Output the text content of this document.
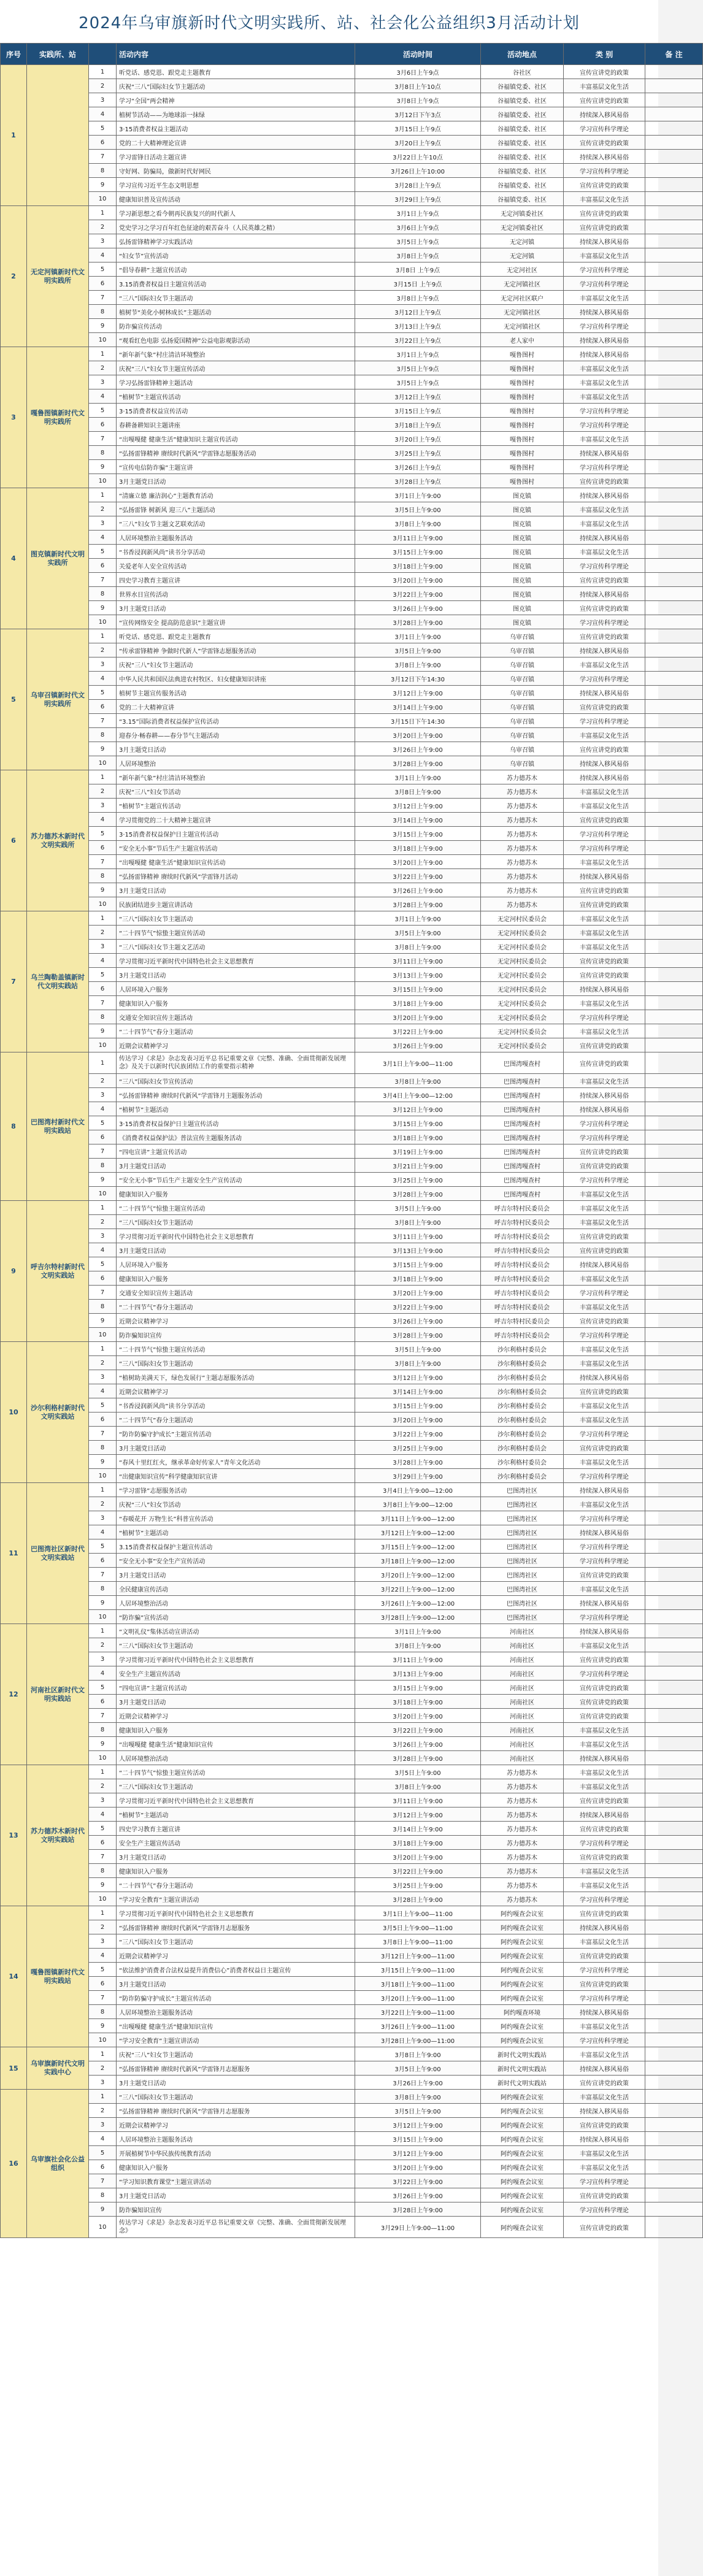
2024年乌审旗新时代文明实践所、站、社会化公益组织3月活动计划
序号	实践所、站		活动内容	活动时间	活动地点	类 别	备 注
1		1	听党话、感党恩、跟党走主题教育	3月6日上午9点	谷社区	宣传宣讲党的政策	
		2	庆祝“三八”国际妇女节主题活动	3月8日上午10点	谷福镇党委、社区	丰富基层文化生活	
		3	学习“全国”两会精神	3月8日上午9点	谷福镇党委、社区	宣传宣讲党的政策	
		4	植树节活动——为地球添一抹绿	3月12日下午3点	谷福镇党委、社区	持续深入移风易俗	
		5	3·15消费者权益主题活动	3月15日上午9点	谷福镇党委、社区	学习宣传科学理论	
		6	党的二十大精神理论宣讲	3月20日上午9点	谷福镇党委、社区	宣传宣讲党的政策	
		7	学习雷锋日活动主题宣讲	3月22日上午10点	谷福镇党委、社区	持续深入移风易俗	
		8	守好网、防骗局，做新时代好网民	3月26日上午10:00	谷福镇党委、社区	学习宣传科学理论	
		9	学习宣传习近平生态文明思想	3月28日上午9点	谷福镇党委、社区	宣传宣讲党的政策	
		10	健康知识普及宣传活动	3月29日上午9点	谷福镇党委、社区	丰富基层文化生活	
2	无定河镇新时代文明实践所	1	学习新思想之看今朝再民族复兴的时代新人	3月1日上午9点	无定河镇委社区	宣传宣讲党的政策	
		2	党史学习之学习百年红色征途的艰苦奋斗（人民英雄之精）	3月6日上午9点	无定河镇委社区	宣传宣讲党的政策	
		3	弘扬雷锋精神学习实践活动	3月5日上午9点	无定河镇	持续深入移风易俗	
		4	“妇女节”宣传活动	3月8日上午9点	无定河镇	丰富基层文化生活	
		5	“倡导春耕”主题宣传活动	3月8日 上午9点	无定河社区	学习宣传科学理论	
		6	3.15消费者权益日主题宣传活动	3月15日 上午9点	无定河镇社区	学习宣传科学理论	
		7	“三八”国际妇女节主题活动	3月8日上午9点	无定河社区联户	丰富基层文化生活	
		8	植树节“美化小树林成长”主题活动	3月12日上午9点	无定河镇社区	持续深入移风易俗	
		9	防诈骗宣传活动	3月13日上午9点	无定河镇社区	学习宣传科学理论	
		10	“观看红色电影 弘扬爱国精神”公益电影观影活动	3月22日上午9点	老人家中	持续深入移风易俗	
3	嘎鲁图镇新时代文明实践所	1	“新年新气象”村庄清洁环境整治	3月1日上午9点	嘎鲁图村	持续深入移风易俗	
		2	庆祝“三八”妇女节主题宣传活动	3月5日上午9点	嘎鲁图村	丰富基层文化生活	
		3	学习弘扬雷锋精神主题活动	3月5日上午9点	嘎鲁图村	丰富基层文化生活	
		4	“植树节”主题宣传活动	3月12日上午9点	嘎鲁图村	丰富基层文化生活	
		5	3·15消费者权益宣传活动	3月15日上午9点	嘎鲁图村	学习宣传科学理论	
		6	春耕备耕知识主题讲座	3月18日上午9点	嘎鲁图村	学习宣传科学理论	
		7	“出嘎嘎健 健康生活”健康知识主题宣传活动	3月20日上午9点	嘎鲁图村	丰富基层文化生活	
		8	“弘扬雷锋精神 赓续时代新风”学雷锋志愿服务活动	3月25日上午9点	嘎鲁图村	持续深入移风易俗	
		9	“宣传电信防诈骗”主题宣讲	3月26日上午9点	嘎鲁图村	学习宣传科学理论	
		10	3月主题党日活动	3月28日上午9点	嘎鲁图村	宣传宣讲党的政策	
4	图克镇新时代文明实践所	1	“清廉立德 廉洁润心”主题教育活动	3月1日上午9:00	图克镇	持续深入移风易俗	
		2	“弘扬雷锋 树新风 迎三八”主题活动	3月5日上午9:00	图克镇	丰富基层文化生活	
		3	“三八”妇女节主题文艺联欢活动	3月8日上午9:00	图克镇	丰富基层文化生活	
		4	人居环境整治主题服务活动	3月11日上午9:00	图克镇	持续深入移风易俗	
		5	“书香浸润新风尚”读书分享活动	3月15日上午9:00	图克镇	丰富基层文化生活	
		6	关爱老年人安全宣传活动	3月18日上午9:00	图克镇	学习宣传科学理论	
		7	四史学习教育主题宣讲	3月20日上午9:00	图克镇	宣传宣讲党的政策	
		8	世界水日宣传活动	3月22日上午9:00	图克镇	持续深入移风易俗	
		9	3月主题党日活动	3月26日上午9:00	图克镇	宣传宣讲党的政策	
		10	“宣传网络安全 提高防范意识”主题宣讲	3月28日上午9:00	图克镇	学习宣传科学理论	
5	乌审召镇新时代文明实践所	1	听党话、感党恩、跟党走主题教育	3月1日上午9:00	乌审召镇	宣传宣讲党的政策	
		2	“传承雷锋精神 争做时代新人”学雷锋志愿服务活动	3月5日上午9:00	乌审召镇	持续深入移风易俗	
		3	庆祝“三八”妇女节主题活动	3月8日上午9:00	乌审召镇	丰富基层文化生活	
		4	中华人民共和国民法典进农村牧区、妇女健康知识讲座	3月12日下午14:30	乌审召镇	学习宣传科学理论	
		5	植树节主题宣传服务活动	3月12日上午9:00	乌审召镇	持续深入移风易俗	
		6	党的二十大精神宣讲	3月14日上午9:00	乌审召镇	宣传宣讲党的政策	
		7	“3.15”国际消费者权益保护宣传活动	3月15日下午14:30	乌审召镇	学习宣传科学理论	
		8	迎春分·畅春耕——春分节气主题活动	3月20日上午9:00	乌审召镇	丰富基层文化生活	
		9	3月主题党日活动	3月26日上午9:00	乌审召镇	宣传宣讲党的政策	
		10	人居环境整治	3月28日上午9:00	乌审召镇	持续深入移风易俗	
6	苏力德苏木新时代文明实践所	1	“新年新气象”村庄清洁环境整治	3月1日上午9:00	苏力德苏木	持续深入移风易俗	
		2	庆祝“三八”妇女节活动	3月8日上午9:00	苏力德苏木	丰富基层文化生活	
		3	“植树节”主题宣传活动	3月12日上午9:00	苏力德苏木	丰富基层文化生活	
		4	学习贯彻党的二十大精神主题宣讲	3月14日上午9:00	苏力德苏木	宣传宣讲党的政策	
		5	3·15消费者权益保护日主题宣传活动	3月15日上午9:00	苏力德苏木	学习宣传科学理论	
		6	“安全无小事”节后生产主题宣传活动	3月18日上午9:00	苏力德苏木	学习宣传科学理论	
		7	“出嘎嘎健 健康生活”健康知识宣传活动	3月20日上午9:00	苏力德苏木	丰富基层文化生活	
		8	“弘扬雷锋精神 赓续时代新风”学雷锋月活动	3月22日上午9:00	苏力德苏木	持续深入移风易俗	
		9	3月主题党日活动	3月26日上午9:00	苏力德苏木	宣传宣讲党的政策	
		10	民族团结进步主题宣讲活动	3月28日上午9:00	苏力德苏木	宣传宣讲党的政策	
7	乌兰陶勒盖镇新时代文明实践站	1	“三八”国际妇女节主题活动	3月1日上午9:00	无定河村民委员会	丰富基层文化生活	
		2	“二十四节气”惊蛰主题宣传活动	3月5日上午9:00	无定河村民委员会	丰富基层文化生活	
		3	“三八”国际妇女节主题文艺活动	3月8日上午9:00	无定河村民委员会	丰富基层文化生活	
		4	学习贯彻习近平新时代中国特色社会主义思想教育	3月11日上午9:00	无定河村民委员会	宣传宣讲党的政策	
		5	3月主题党日活动	3月13日上午9:00	无定河村民委员会	宣传宣讲党的政策	
		6	人居环境入户服务	3月15日上午9:00	无定河村民委员会	持续深入移风易俗	
		7	健康知识入户服务	3月18日上午9:00	无定河村民委员会	丰富基层文化生活	
		8	交通安全知识宣传主题活动	3月20日上午9:00	无定河村民委员会	学习宣传科学理论	
		9	“二十四节气”春分主题活动	3月22日上午9:00	无定河村民委员会	丰富基层文化生活	
		10	近期会议精神学习	3月26日上午9:00	无定河村民委员会	宣传宣讲党的政策	
8	巴图湾村新时代文明实践站	1	传达学习《求是》杂志发表习近平总书记重要文章《完整、准确、全面贯彻新发展理念》及关于以新时代民族团结工作的重要指示精神	3月1日上午9:00—11:00	巴图湾嘎查村	宣传宣讲党的政策	
		2	“三八”国际妇女节宣传活动	3月8日上午9:00	巴图湾嘎查村	丰富基层文化生活	
		3	“弘扬雷锋精神 赓续时代新风”学雷锋月主题服务活动	3月4日上午9:00—12:00	巴图湾嘎查村	持续深入移风易俗	
		4	“植树节”主题活动	3月12日上午9:00	巴图湾嘎查村	持续深入移风易俗	
		5	3·15消费者权益保护日主题宣传活动	3月15日上午9:00	巴图湾嘎查村	学习宣传科学理论	
		6	《消费者权益保护法》普法宣传主题服务活动	3月18日上午9:00	巴图湾嘎查村	学习宣传科学理论	
		7	“四电宣讲”主题宣传活动	3月19日上午9:00	巴图湾嘎查村	宣传宣讲党的政策	
		8	3月主题党日活动	3月21日上午9:00	巴图湾嘎查村	宣传宣讲党的政策	
		9	“安全无小事”节后生产主题安全生产宣传活动	3月25日上午9:00	巴图湾嘎查村	学习宣传科学理论	
		10	健康知识入户服务	3月28日上午9:00	巴图湾嘎查村	丰富基层文化生活	
9	呼吉尔特村新时代文明实践站	1	“二十四节气”惊蛰主题宣传活动	3月5日上午9:00	呼吉尔特村民委员会	丰富基层文化生活	
		2	“三八”国际妇女节主题活动	3月8日上午9:00	呼吉尔特村民委员会	丰富基层文化生活	
		3	学习贯彻习近平新时代中国特色社会主义思想教育	3月11日上午9:00	呼吉尔特村民委员会	宣传宣讲党的政策	
		4	3月主题党日活动	3月13日上午9:00	呼吉尔特村民委员会	宣传宣讲党的政策	
		5	人居环境入户服务	3月15日上午9:00	呼吉尔特村民委员会	持续深入移风易俗	
		6	健康知识入户服务	3月18日上午9:00	呼吉尔特村民委员会	丰富基层文化生活	
		7	交通安全知识宣传主题活动	3月20日上午9:00	呼吉尔特村民委员会	学习宣传科学理论	
		8	“二十四节气”春分主题活动	3月22日上午9:00	呼吉尔特村民委员会	丰富基层文化生活	
		9	近期会议精神学习	3月26日上午9:00	呼吉尔特村民委员会	宣传宣讲党的政策	
		10	防诈骗知识宣传	3月28日上午9:00	呼吉尔特村民委员会	学习宣传科学理论	
10	沙尔利格村新时代文明实践站	1	“二十四节气”惊蛰主题宣传活动	3月5日上午9:00	沙尔利格村委员会	丰富基层文化生活	
		2	“三八”国际妇女节主题活动	3月8日上午9:00	沙尔利格村委员会	丰富基层文化生活	
		3	“植树助美满天下，绿色发展行”主题志愿服务活动	3月12日上午9:00	沙尔利格村委员会	持续深入移风易俗	
		4	近期会议精神学习	3月14日上午9:00	沙尔利格村委员会	宣传宣讲党的政策	
		5	“书香浸润新风尚”读书分享活动	3月15日上午9:00	沙尔利格村委员会	丰富基层文化生活	
		6	“二十四节气”春分主题活动	3月20日上午9:00	沙尔利格村委员会	丰富基层文化生活	
		7	“防诈防骗守护成长”主题宣传活动	3月22日上午9:00	沙尔利格村委员会	学习宣传科学理论	
		8	3月主题党日活动	3月25日上午9:00	沙尔利格村委员会	宣传宣讲党的政策	
		9	“春风十里红红火，继承革命好传家人”青年文化活动	3月28日上午9:00	沙尔利格村委员会	丰富基层文化生活	
		10	“出健康知识宣传”科学健康知识宣讲	3月29日上午9:00	沙尔利格村委员会	学习宣传科学理论	
11	巴图湾社区新时代文明实践站	1	“学习雷锋”志愿服务活动	3月4日上午9:00—12:00	巴图湾社区	持续深入移风易俗	
		2	庆祝“三八”妇女节活动	3月8日上午9:00—12:00	巴图湾社区	丰富基层文化生活	
		3	“春暖花开 万物生长”科普宣传活动	3月11日上午9:00—12:00	巴图湾社区	学习宣传科学理论	
		4	“植树节”主题活动	3月12日上午9:00—12:00	巴图湾社区	持续深入移风易俗	
		5	3.15消费者权益保护主题宣传活动	3月15日上午9:00—12:00	巴图湾社区	学习宣传科学理论	
		6	“安全无小事”安全生产宣传活动	3月18日上午9:00—12:00	巴图湾社区	学习宣传科学理论	
		7	3月主题党日活动	3月20日上午9:00—12:00	巴图湾社区	宣传宣讲党的政策	
		8	全民健康宣传活动	3月22日上午9:00—12:00	巴图湾社区	丰富基层文化生活	
		9	人居环境整治活动	3月26日上午9:00—12:00	巴图湾社区	持续深入移风易俗	
		10	“防诈骗”宣传活动	3月28日上午9:00—12:00	巴图湾社区	学习宣传科学理论	
12	河南社区新时代文明实践站	1	“文明礼仪”集体活动宣讲活动	3月1日上午9:00	河南社区	持续深入移风易俗	
		2	“三八”国际妇女节主题活动	3月8日上午9:00	河南社区	丰富基层文化生活	
		3	学习贯彻习近平新时代中国特色社会主义思想教育	3月11日上午9:00	河南社区	宣传宣讲党的政策	
		4	安全生产主题宣传活动	3月13日上午9:00	河南社区	学习宣传科学理论	
		5	“四电宣讲”主题宣传活动	3月15日上午9:00	河南社区	宣传宣讲党的政策	
		6	3月主题党日活动	3月18日上午9:00	河南社区	宣传宣讲党的政策	
		7	近期会议精神学习	3月20日上午9:00	河南社区	宣传宣讲党的政策	
		8	健康知识入户服务	3月22日上午9:00	河南社区	丰富基层文化生活	
		9	“出嘎嘎健 健康生活”健康知识宣传	3月26日上午9:00	河南社区	丰富基层文化生活	
		10	人居环境整治活动	3月28日上午9:00	河南社区	持续深入移风易俗	
13	苏力德苏木新时代文明实践站	1	“二十四节气”惊蛰主题宣传活动	3月5日上午9:00	苏力德苏木	丰富基层文化生活	
		2	“三八”国际妇女节主题活动	3月8日上午9:00	苏力德苏木	丰富基层文化生活	
		3	学习贯彻习近平新时代中国特色社会主义思想教育	3月11日上午9:00	苏力德苏木	宣传宣讲党的政策	
		4	“植树节”主题活动	3月12日上午9:00	苏力德苏木	持续深入移风易俗	
		5	四史学习教育主题宣讲	3月14日上午9:00	苏力德苏木	宣传宣讲党的政策	
		6	安全生产主题宣传活动	3月18日上午9:00	苏力德苏木	学习宣传科学理论	
		7	3月主题党日活动	3月20日上午9:00	苏力德苏木	宣传宣讲党的政策	
		8	健康知识入户服务	3月22日上午9:00	苏力德苏木	丰富基层文化生活	
		9	“二十四节气”春分主题活动	3月25日上午9:00	苏力德苏木	丰富基层文化生活	
		10	“学习安全教育”主题宣讲活动	3月28日上午9:00	苏力德苏木	学习宣传科学理论	
14	嘎鲁图镇新时代文明实践站	1	学习贯彻习近平新时代中国特色社会主义思想教育	3月1日上午9:00—11:00	阿约嘎查会议室	宣传宣讲党的政策	
		2	“弘扬雷锋精神 赓续时代新风”学雷锋月志愿服务	3月5日上午9:00—11:00	阿约嘎查会议室	持续深入移风易俗	
		3	“三八”国际妇女节主题活动	3月8日上午9:00—11:00	阿约嘎查会议室	丰富基层文化生活	
		4	近期会议精神学习	3月12日上午9:00—11:00	阿约嘎查会议室	宣传宣讲党的政策	
		5	“依法维护消费者合法权益提升消费信心”消费者权益日主题宣传	3月15日上午9:00—11:00	阿约嘎查会议室	学习宣传科学理论	
		6	3月主题党日活动	3月18日上午9:00—11:00	阿约嘎查会议室	宣传宣讲党的政策	
		7	“防诈防骗守护成长”主题宣传活动	3月20日上午9:00—11:00	阿约嘎查会议室	学习宣传科学理论	
		8	人居环境整治主题服务活动	3月22日上午9:00—11:00	阿约嘎查环境	持续深入移风易俗	
		9	“出嘎嘎健 健康生活”健康知识宣传	3月26日上午9:00—11:00	阿约嘎查会议室	丰富基层文化生活	
		10	“学习安全教育”主题宣讲活动	3月28日上午9:00—11:00	阿约嘎查会议室	学习宣传科学理论	
15	乌审旗新时代文明实践中心	1	庆祝“三八”妇女节主题活动	3月8日上午9:00	新时代文明实践站	丰富基层文化生活	
		2	“弘扬雷锋精神 赓续时代新风”学雷锋月志愿服务	3月5日上午9:00	新时代文明实践站	持续深入移风易俗	
		3	3月主题党日活动	3月26日上午9:00	新时代文明实践站	宣传宣讲党的政策	
16	乌审旗社会化公益组织	1	“三八”国际妇女节主题活动	3月8日上午9:00	阿约嘎查会议室	丰富基层文化生活	
		2	“弘扬雷锋精神 赓续时代新风”学雷锋月志愿服务	3月5日上午9:00	阿约嘎查会议室	持续深入移风易俗	
		3	近期会议精神学习	3月12日上午9:00	阿约嘎查会议室	宣传宣讲党的政策	
		4	人居环境整治主题服务活动	3月15日上午9:00	阿约嘎查会议室	持续深入移风易俗	
		5	开展植树节中华民族传统教育活动	3月12日上午9:00	阿约嘎查会议室	丰富基层文化生活	
		6	健康知识入户服务	3月20日上午9:00	阿约嘎查会议室	丰富基层文化生活	
		7	“学习知识教育课堂”主题宣讲活动	3月22日上午9:00	阿约嘎查会议室	学习宣传科学理论	
		8	3月主题党日活动	3月26日上午9:00	阿约嘎查会议室	宣传宣讲党的政策	
		9	防诈骗知识宣传	3月28日上午9:00	阿约嘎查会议室	学习宣传科学理论	
		10	传达学习《求是》杂志发表习近平总书记重要文章《完整、准确、全面贯彻新发展理念》	3月29日上午9:00—11:00	阿约嘎查会议室	宣传宣讲党的政策	
